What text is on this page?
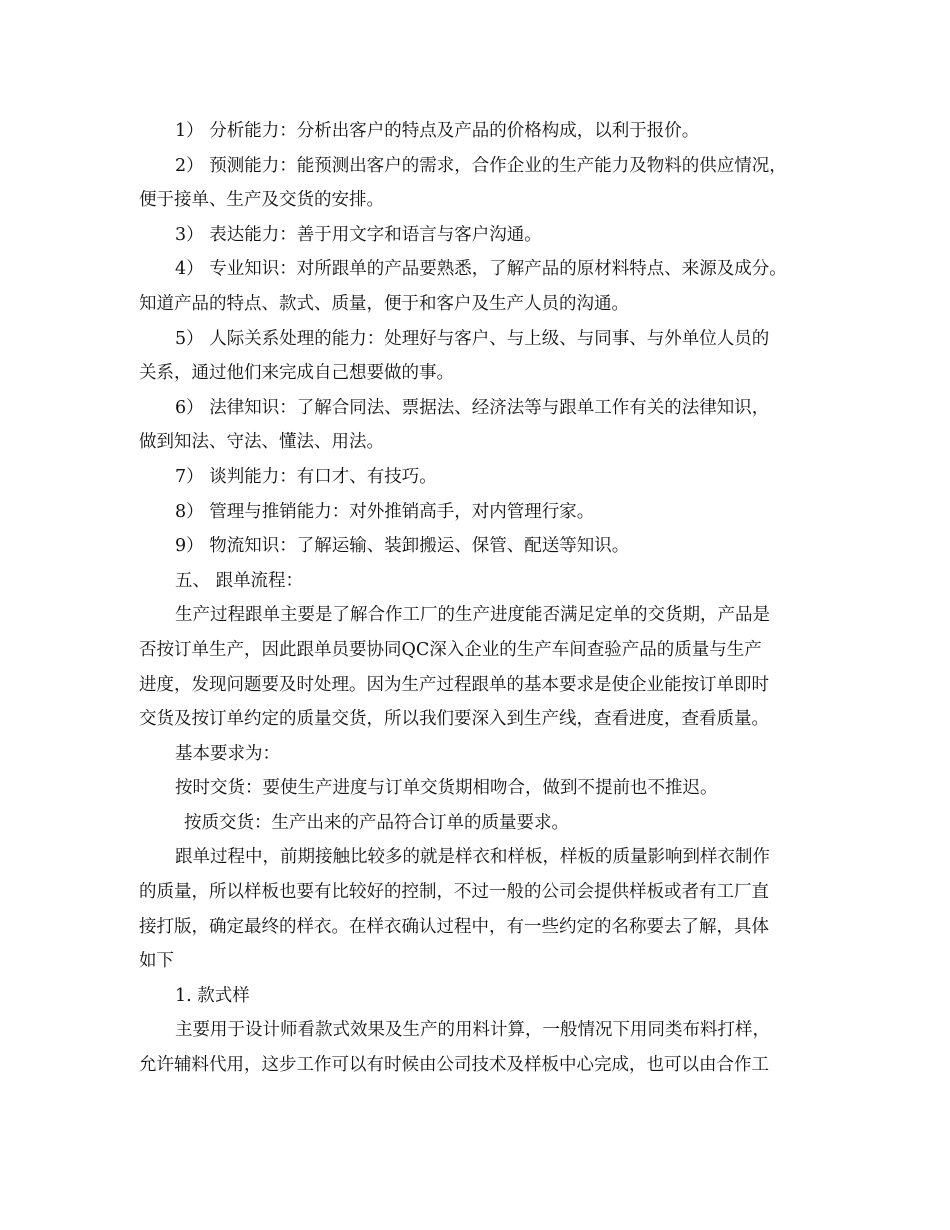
1） 分析能力：分析出客户的特点及产品的价格构成，以利于报价。
2） 预测能力：能预测出客户的需求，合作企业的生产能力及物料的供应情况，
便于接单、生产及交货的安排。
3） 表达能力：善于用文字和语言与客户沟通。
4） 专业知识：对所跟单的产品要熟悉，了解产品的原材料特点、来源及成分。
知道产品的特点、款式、质量，便于和客户及生产人员的沟通。
5） 人际关系处理的能力：处理好与客户、与上级、与同事、与外单位人员的
关系，通过他们来完成自己想要做的事。
6） 法律知识：了解合同法、票据法、经济法等与跟单工作有关的法律知识，
做到知法、守法、懂法、用法。
7） 谈判能力：有口才、有技巧。
8） 管理与推销能力：对外推销高手，对内管理行家。
9） 物流知识：了解运输、装卸搬运、保管、配送等知识。
五、 跟单流程：
生产过程跟单主要是了解合作工厂的生产进度能否满足定单的交货期，产品是
否按订单生产，因此跟单员要协同QC深入企业的生产车间查验产品的质量与生产
进度，发现问题要及时处理。因为生产过程跟单的基本要求是使企业能按订单即时
交货及按订单约定的质量交货，所以我们要深入到生产线，查看进度，查看质量。
基本要求为：
按时交货：要使生产进度与订单交货期相吻合，做到不提前也不推迟。
按质交货：生产出来的产品符合订单的质量要求。
跟单过程中，前期接触比较多的就是样衣和样板，样板的质量影响到样衣制作
的质量，所以样板也要有比较好的控制，不过一般的公司会提供样板或者有工厂直
接打版，确定最终的样衣。在样衣确认过程中，有一些约定的名称要去了解，具体
如下
1. 款式样
主要用于设计师看款式效果及生产的用料计算，一般情况下用同类布料打样，
允许辅料代用，这步工作可以有时候由公司技术及样板中心完成，也可以由合作工
